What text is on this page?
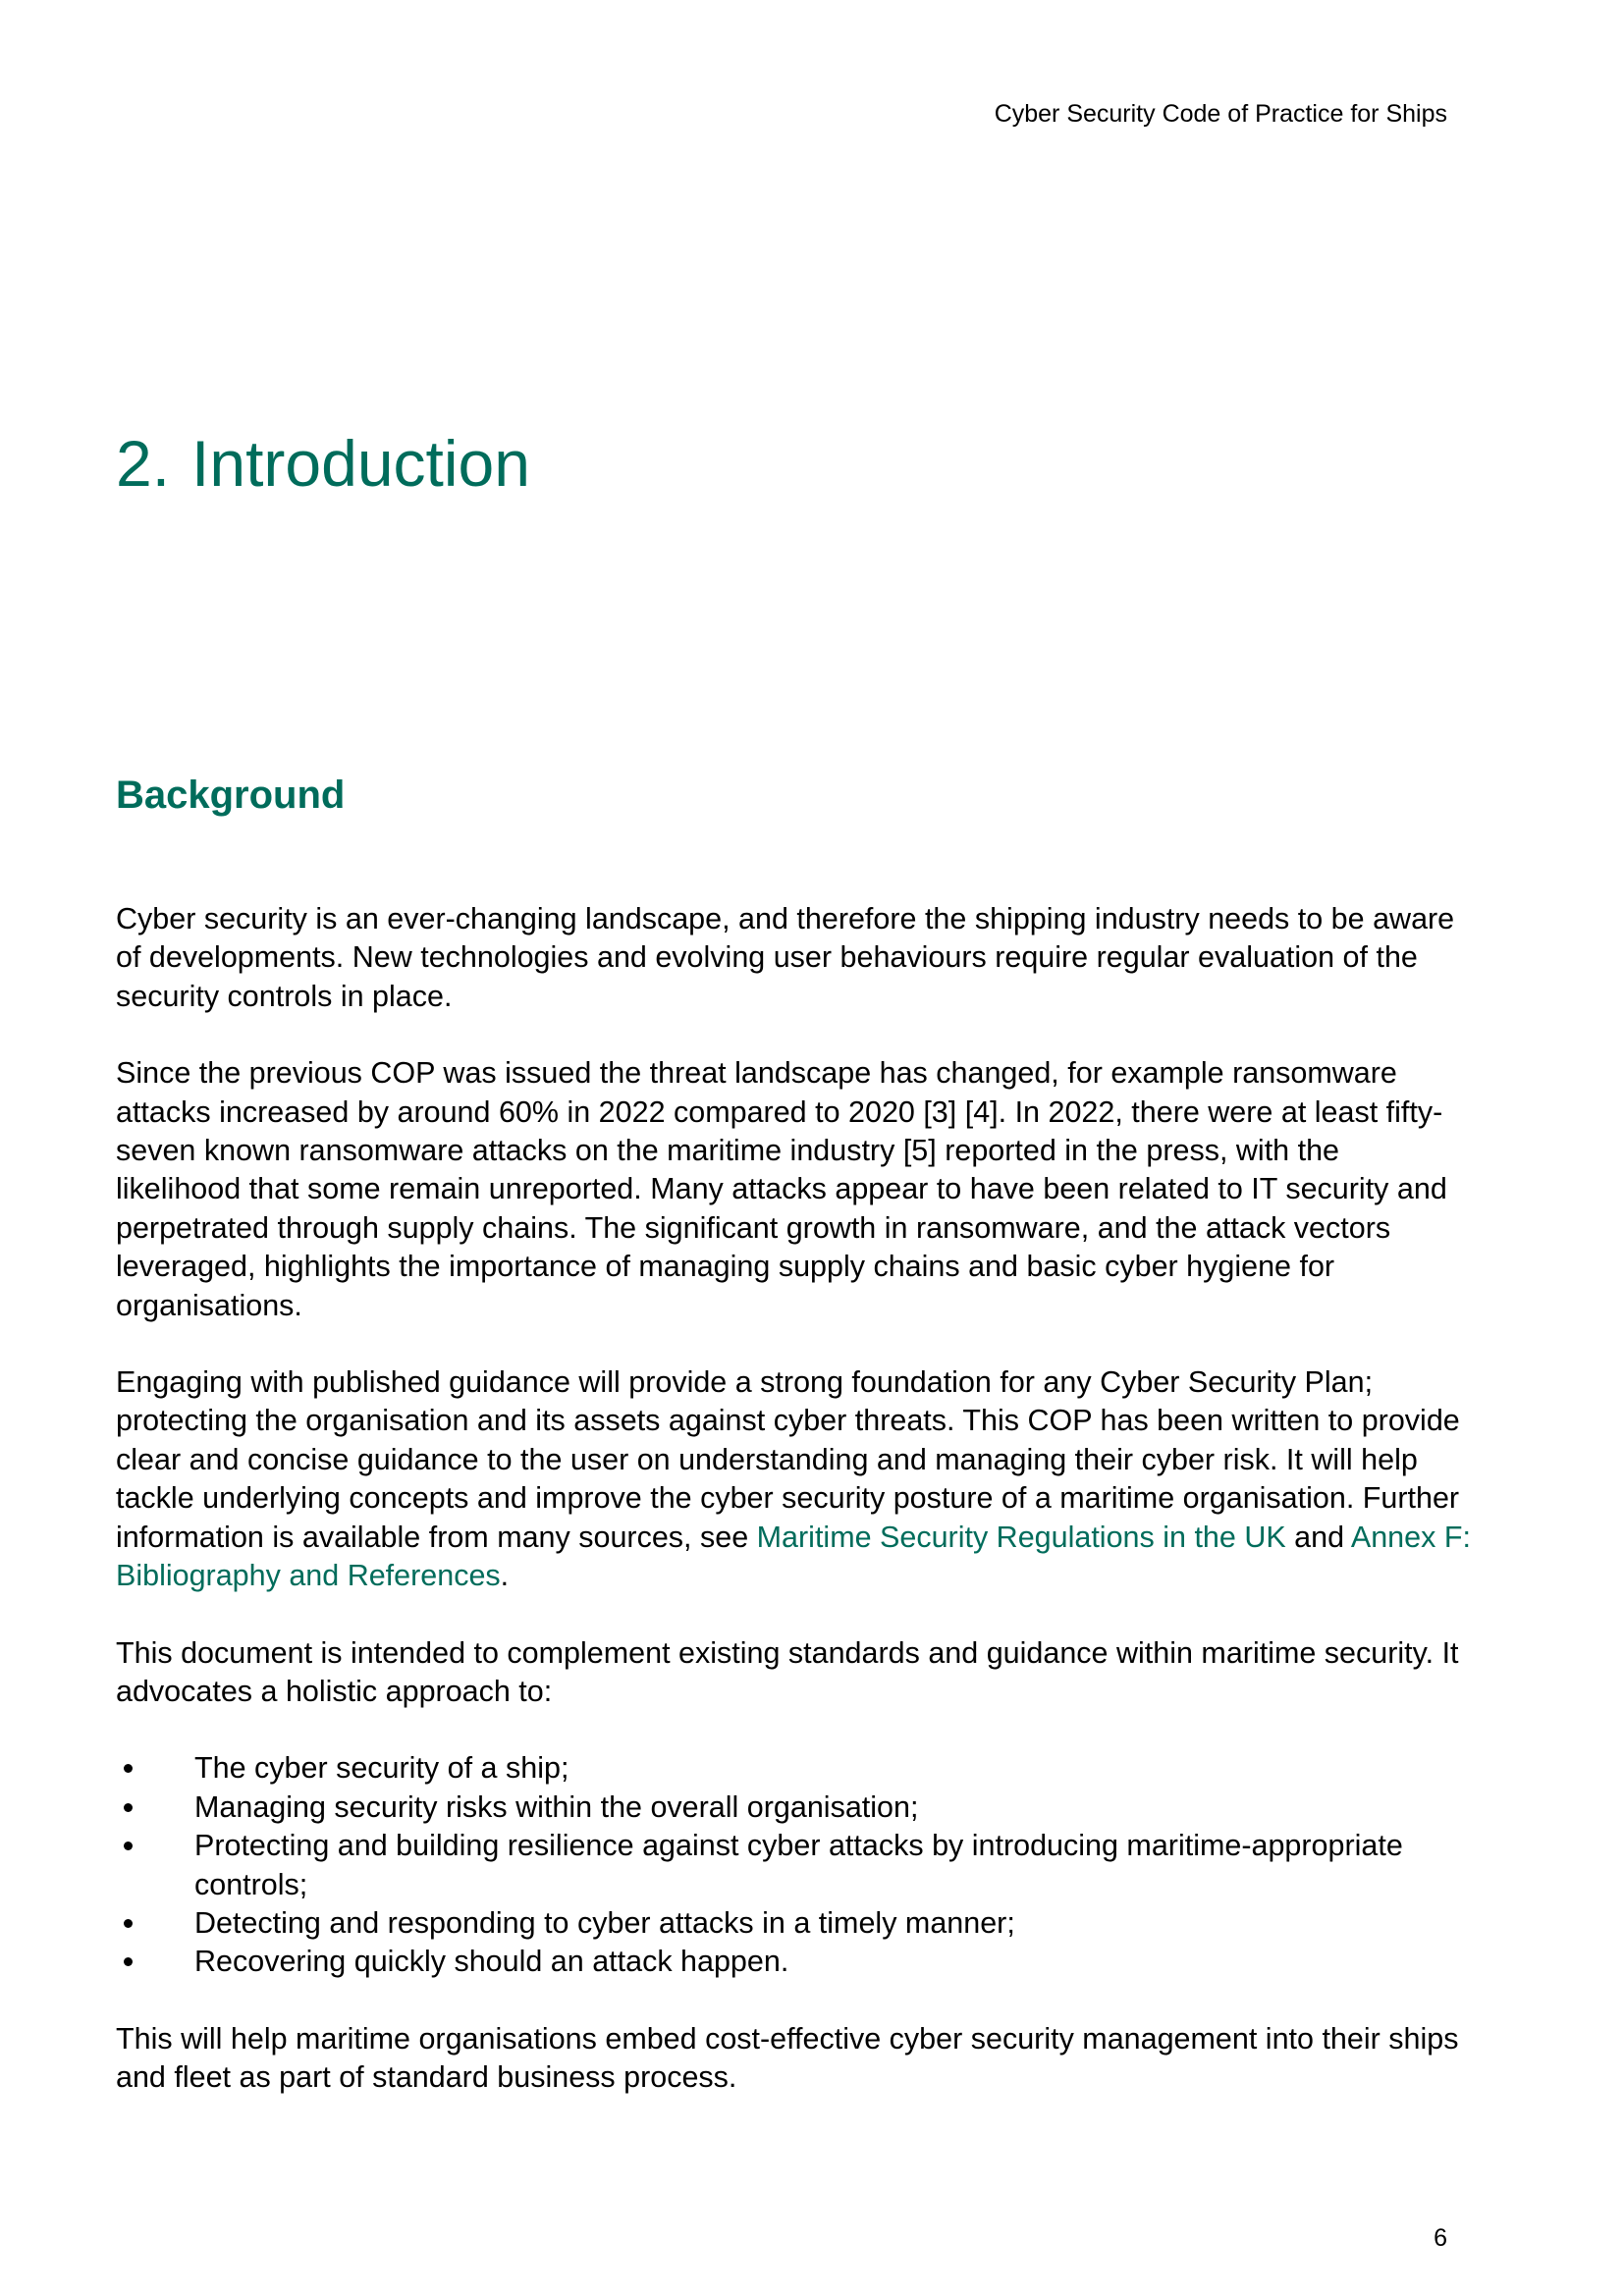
Cyber Security Code of Practice for Ships
2. Introduction
Background

Cyber security is an ever-changing landscape, and therefore the shipping industry needs to be aware of developments. New technologies and evolving user behaviours require regular evaluation of the security controls in place.

Since the previous COP was issued the threat landscape has changed, for example ransomware attacks increased by around 60% in 2022 compared to 2020 [3] [4]. In 2022, there were at least fifty-seven known ransomware attacks on the maritime industry [5] reported in the press, with the likelihood that some remain unreported. Many attacks appear to have been related to IT security and perpetrated through supply chains. The significant growth in ransomware, and the attack vectors leveraged, highlights the importance of managing supply chains and basic cyber hygiene for organisations.

Engaging with published guidance will provide a strong foundation for any Cyber Security Plan; protecting the organisation and its assets against cyber threats. This COP has been written to provide clear and concise guidance to the user on understanding and managing their cyber risk. It will help tackle underlying concepts and improve the cyber security posture of a maritime organisation. Further information is available from many sources, see Maritime Security Regulations in the UK and Annex F: Bibliography and References.

This document is intended to complement existing standards and guidance within maritime security. It advocates a holistic approach to:

The cyber security of a ship;
Managing security risks within the overall organisation;
Protecting and building resilience against cyber attacks by introducing maritime-appropriate controls;
Detecting and responding to cyber attacks in a timely manner;
Recovering quickly should an attack happen.

This will help maritime organisations embed cost-effective cyber security management into their ships and fleet as part of standard business process.

6
